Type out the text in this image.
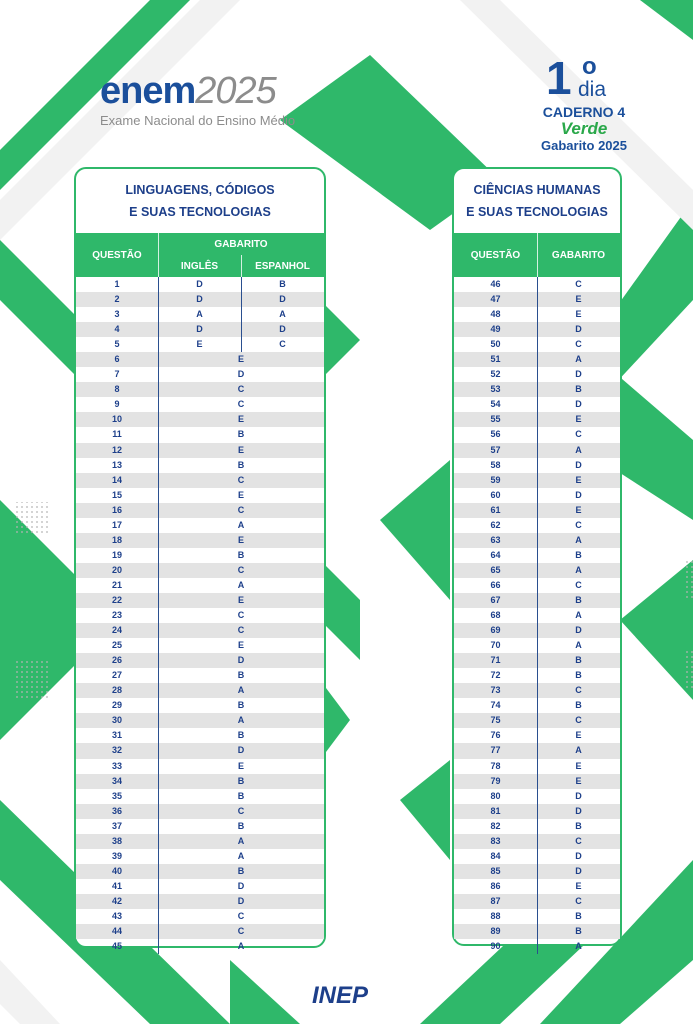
enem2025
Exame Nacional do Ensino Médio
1 o
dia
CADERNO 4
Verde
Gabarito 2025
LINGUAGENS, CÓDIGOS
E SUAS TECNOLOGIAS
QUESTÃO
GABARITO
INGLÊS	ESPANHOL
1	D	B
2	D	D
3	A	A
4	D	D
5	E	C
6	E
7	D
8	C
9	C
10	E
11	B
12	E
13	B
14	C
15	E
16	C
17	A
18	E
19	B
20	C
21	A
22	E
23	C
24	C
25	E
26	D
27	B
28	A
29	B
30	A
31	B
32	D
33	E
34	B
35	B
36	C
37	B
38	A
39	A
40	B
41	D
42	D
43	C
44	C
45	A
CIÊNCIAS HUMANAS
E SUAS TECNOLOGIAS
QUESTÃO	GABARITO
46	C
47	E
48	E
49	D
50	C
51	A
52	D
53	B
54	D
55	E
56	C
57	A
58	D
59	E
60	D
61	E
62	C
63	A
64	B
65	A
66	C
67	B
68	A
69	D
70	A
71	B
72	B
73	C
74	B
75	C
76	E
77	A
78	E
79	E
80	D
81	D
82	B
83	C
84	D
85	D
86	E
87	C
88	B
89	B
90	A
INEP
